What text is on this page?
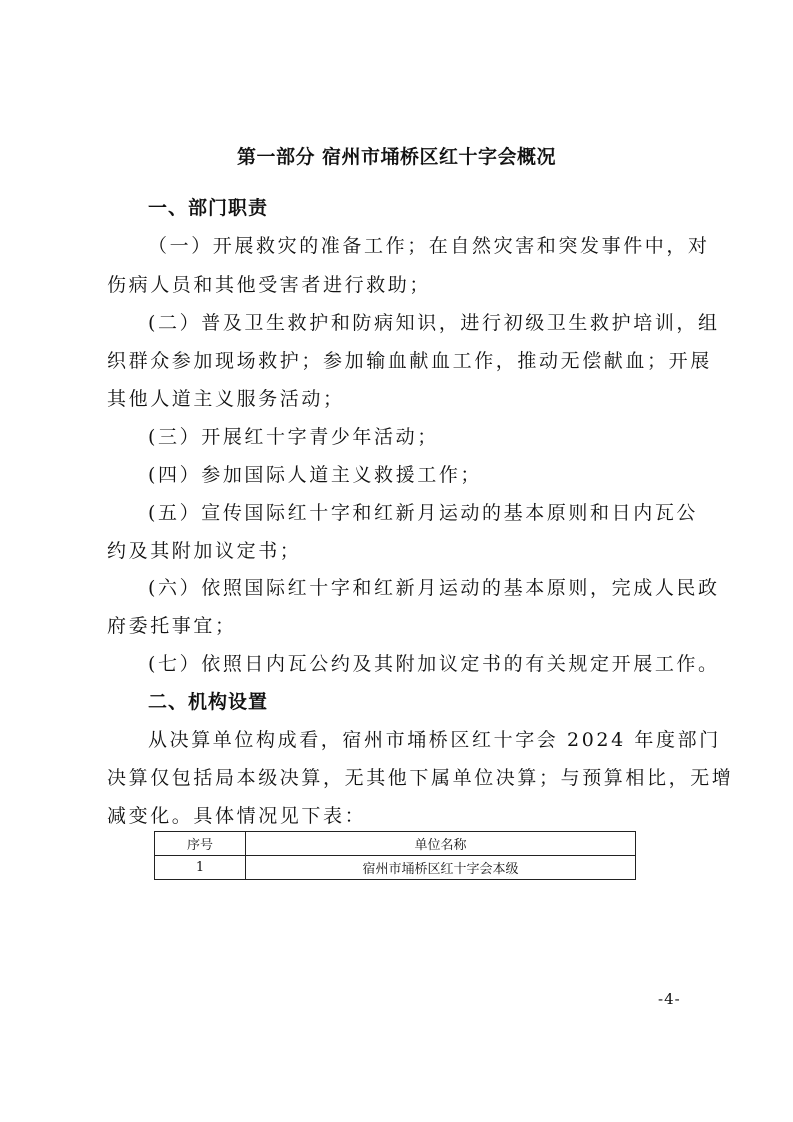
第一部分 宿州市埇桥区红十字会概况
一、部门职责
（一）开展救灾的准备工作；在自然灾害和突发事件中，对
伤病人员和其他受害者进行救助；
(二）普及卫生救护和防病知识，进行初级卫生救护培训，组
织群众参加现场救护；参加输血献血工作，推动无偿献血；开展
其他人道主义服务活动；
(三）开展红十字青少年活动；
(四）参加国际人道主义救援工作；
(五）宣传国际红十字和红新月运动的基本原则和日内瓦公
约及其附加议定书；
(六）依照国际红十字和红新月运动的基本原则，完成人民政
府委托事宜；
(七）依照日内瓦公约及其附加议定书的有关规定开展工作。
二、机构设置
从决算单位构成看，宿州市埇桥区红十字会 2024 年度部门
决算仅包括局本级决算，无其他下属单位决算；与预算相比，无增
减变化。具体情况见下表：
序号	单位名称
1	宿州市埇桥区红十字会本级
-4-
